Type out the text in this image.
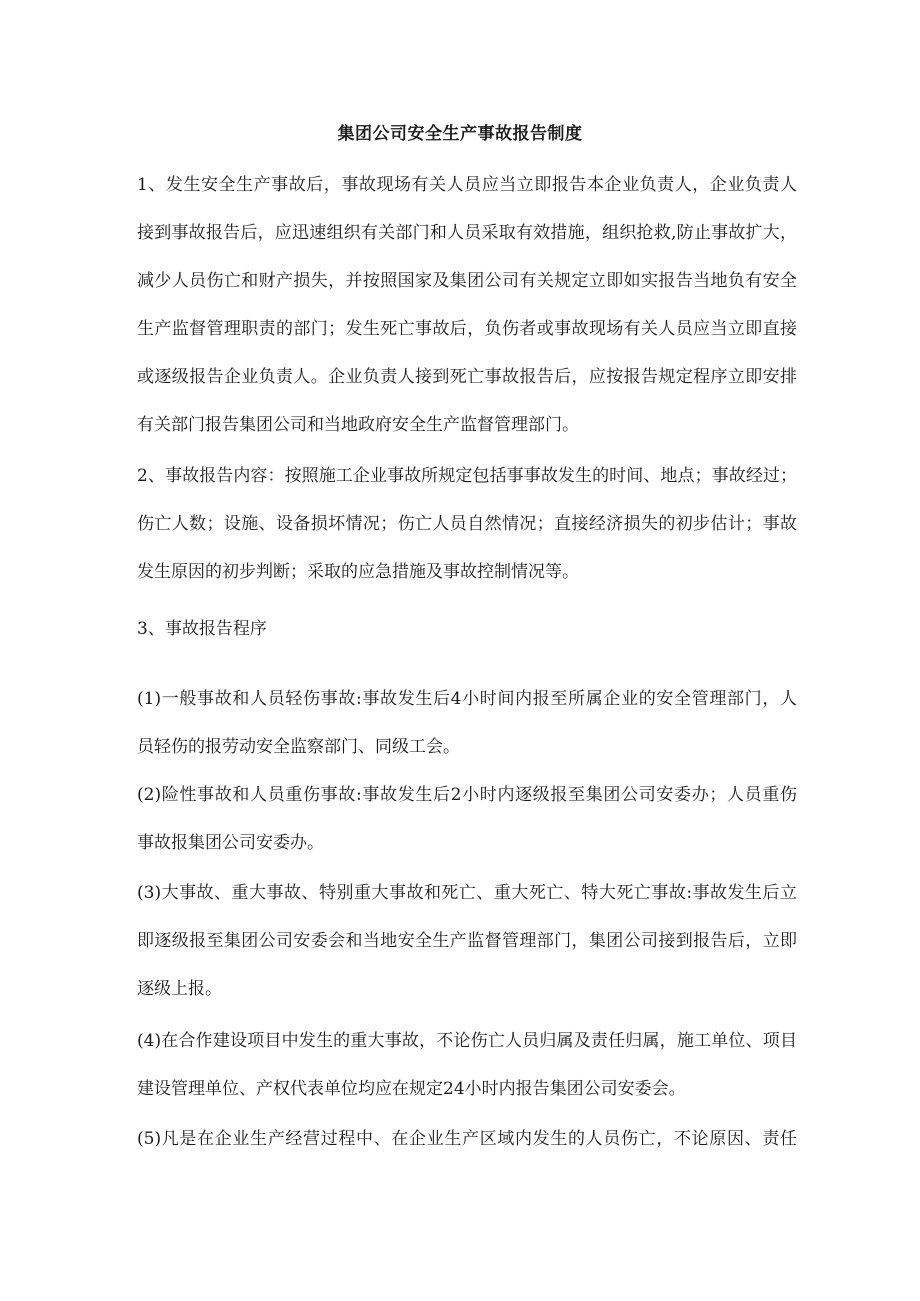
集团公司安全生产事故报告制度

1、发生安全生产事故后，事故现场有关人员应当立即报告本企业负责人，企业负责人

接到事故报告后，应迅速组织有关部门和人员采取有效措施，组织抢救,防止事故扩大，

减少人员伤亡和财产损失，并按照国家及集团公司有关规定立即如实报告当地负有安全

生产监督管理职责的部门；发生死亡事故后，负伤者或事故现场有关人员应当立即直接

或逐级报告企业负责人。企业负责人接到死亡事故报告后，应按报告规定程序立即安排

有关部门报告集团公司和当地政府安全生产监督管理部门。

2、事故报告内容：按照施工企业事故所规定包括事事故发生的时间、地点；事故经过；

伤亡人数；设施、设备损坏情况；伤亡人员自然情况；直接经济损失的初步估计；事故

发生原因的初步判断；采取的应急措施及事故控制情况等。

3、事故报告程序

(1)一般事故和人员轻伤事故:事故发生后4小时间内报至所属企业的安全管理部门，人

员轻伤的报劳动安全监察部门、同级工会。

(2)险性事故和人员重伤事故:事故发生后2小时内逐级报至集团公司安委办；人员重伤

事故报集团公司安委办。

(3)大事故、重大事故、特别重大事故和死亡、重大死亡、特大死亡事故:事故发生后立

即逐级报至集团公司安委会和当地安全生产监督管理部门，集团公司接到报告后，立即

逐级上报。

(4)在合作建设项目中发生的重大事故，不论伤亡人员归属及责任归属，施工单位、项目

建设管理单位、产权代表单位均应在规定24小时内报告集团公司安委会。

(5)凡是在企业生产经营过程中、在企业生产区域内发生的人员伤亡，不论原因、责任
